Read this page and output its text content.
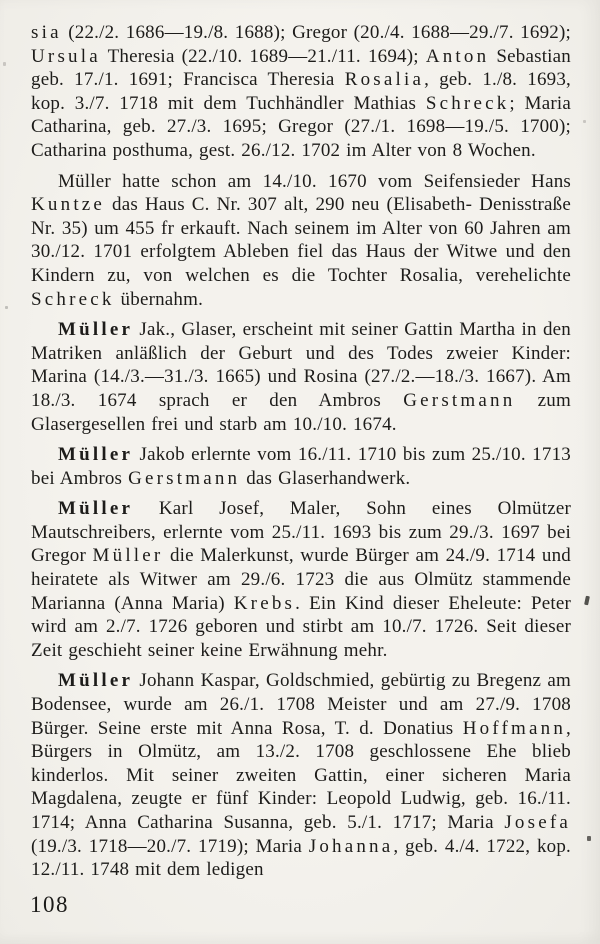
sia (22./2. 1686—19./8. 1688); Gregor (20./4. 1688—29./7. 1692); Ursula Theresia (22./10. 1689—21./11. 1694); Anton Sebastian geb. 17./1. 1691; Francisca Theresia Rosalia, geb. 1./8. 1693, kop. 3./7. 1718 mit dem Tuchhändler Mathias Schreck; Maria Catharina, geb. 27./3. 1695; Gregor (27./1. 1698—19./5. 1700); Catharina posthuma, gest. 26./12. 1702 im Alter von 8 Wochen.

Müller hatte schon am 14./10. 1670 vom Seifensieder Hans Kuntze das Haus C. Nr. 307 alt, 290 neu (Elisabeth- Denisstraße Nr. 35) um 455 fr erkauft. Nach seinem im Alter von 60 Jahren am 30./12. 1701 erfolgtem Ableben fiel das Haus der Witwe und den Kindern zu, von welchen es die Tochter Rosalia, verehelichte Schreck übernahm.

Müller Jak., Glaser, erscheint mit seiner Gattin Martha in den Matriken anläßlich der Geburt und des Todes zweier Kinder: Marina (14./3.—31./3. 1665) und Rosina (27./2.—18./3. 1667). Am 18./3. 1674 sprach er den Ambros Gerstmann zum Glasergesellen frei und starb am 10./10. 1674.

Müller Jakob erlernte vom 16./11. 1710 bis zum 25./10. 1713 bei Ambros Gerstmann das Glaserhandwerk.

Müller Karl Josef, Maler, Sohn eines Olmützer Mautschreibers, erlernte vom 25./11. 1693 bis zum 29./3. 1697 bei Gregor Müller die Malerkunst, wurde Bürger am 24./9. 1714 und heiratete als Witwer am 29./6. 1723 die aus Olmütz stammende Marianna (Anna Maria) Krebs. Ein Kind dieser Eheleute: Peter wird am 2./7. 1726 geboren und stirbt am 10./7. 1726. Seit dieser Zeit geschieht seiner keine Erwähnung mehr.

Müller Johann Kaspar, Goldschmied, gebürtig zu Bregenz am Bodensee, wurde am 26./1. 1708 Meister und am 27./9. 1708 Bürger. Seine erste mit Anna Rosa, T. d. Donatius Hoffmann, Bürgers in Olmütz, am 13./2. 1708 geschlossene Ehe blieb kinderlos. Mit seiner zweiten Gattin, einer sicheren Maria Magdalena, zeugte er fünf Kinder: Leopold Ludwig, geb. 16./11. 1714; Anna Catharina Susanna, geb. 5./1. 1717; Maria Josefa (19./3. 1718—20./7. 1719); Maria Johanna, geb. 4./4. 1722, kop. 12./11. 1748 mit dem ledigen

108
